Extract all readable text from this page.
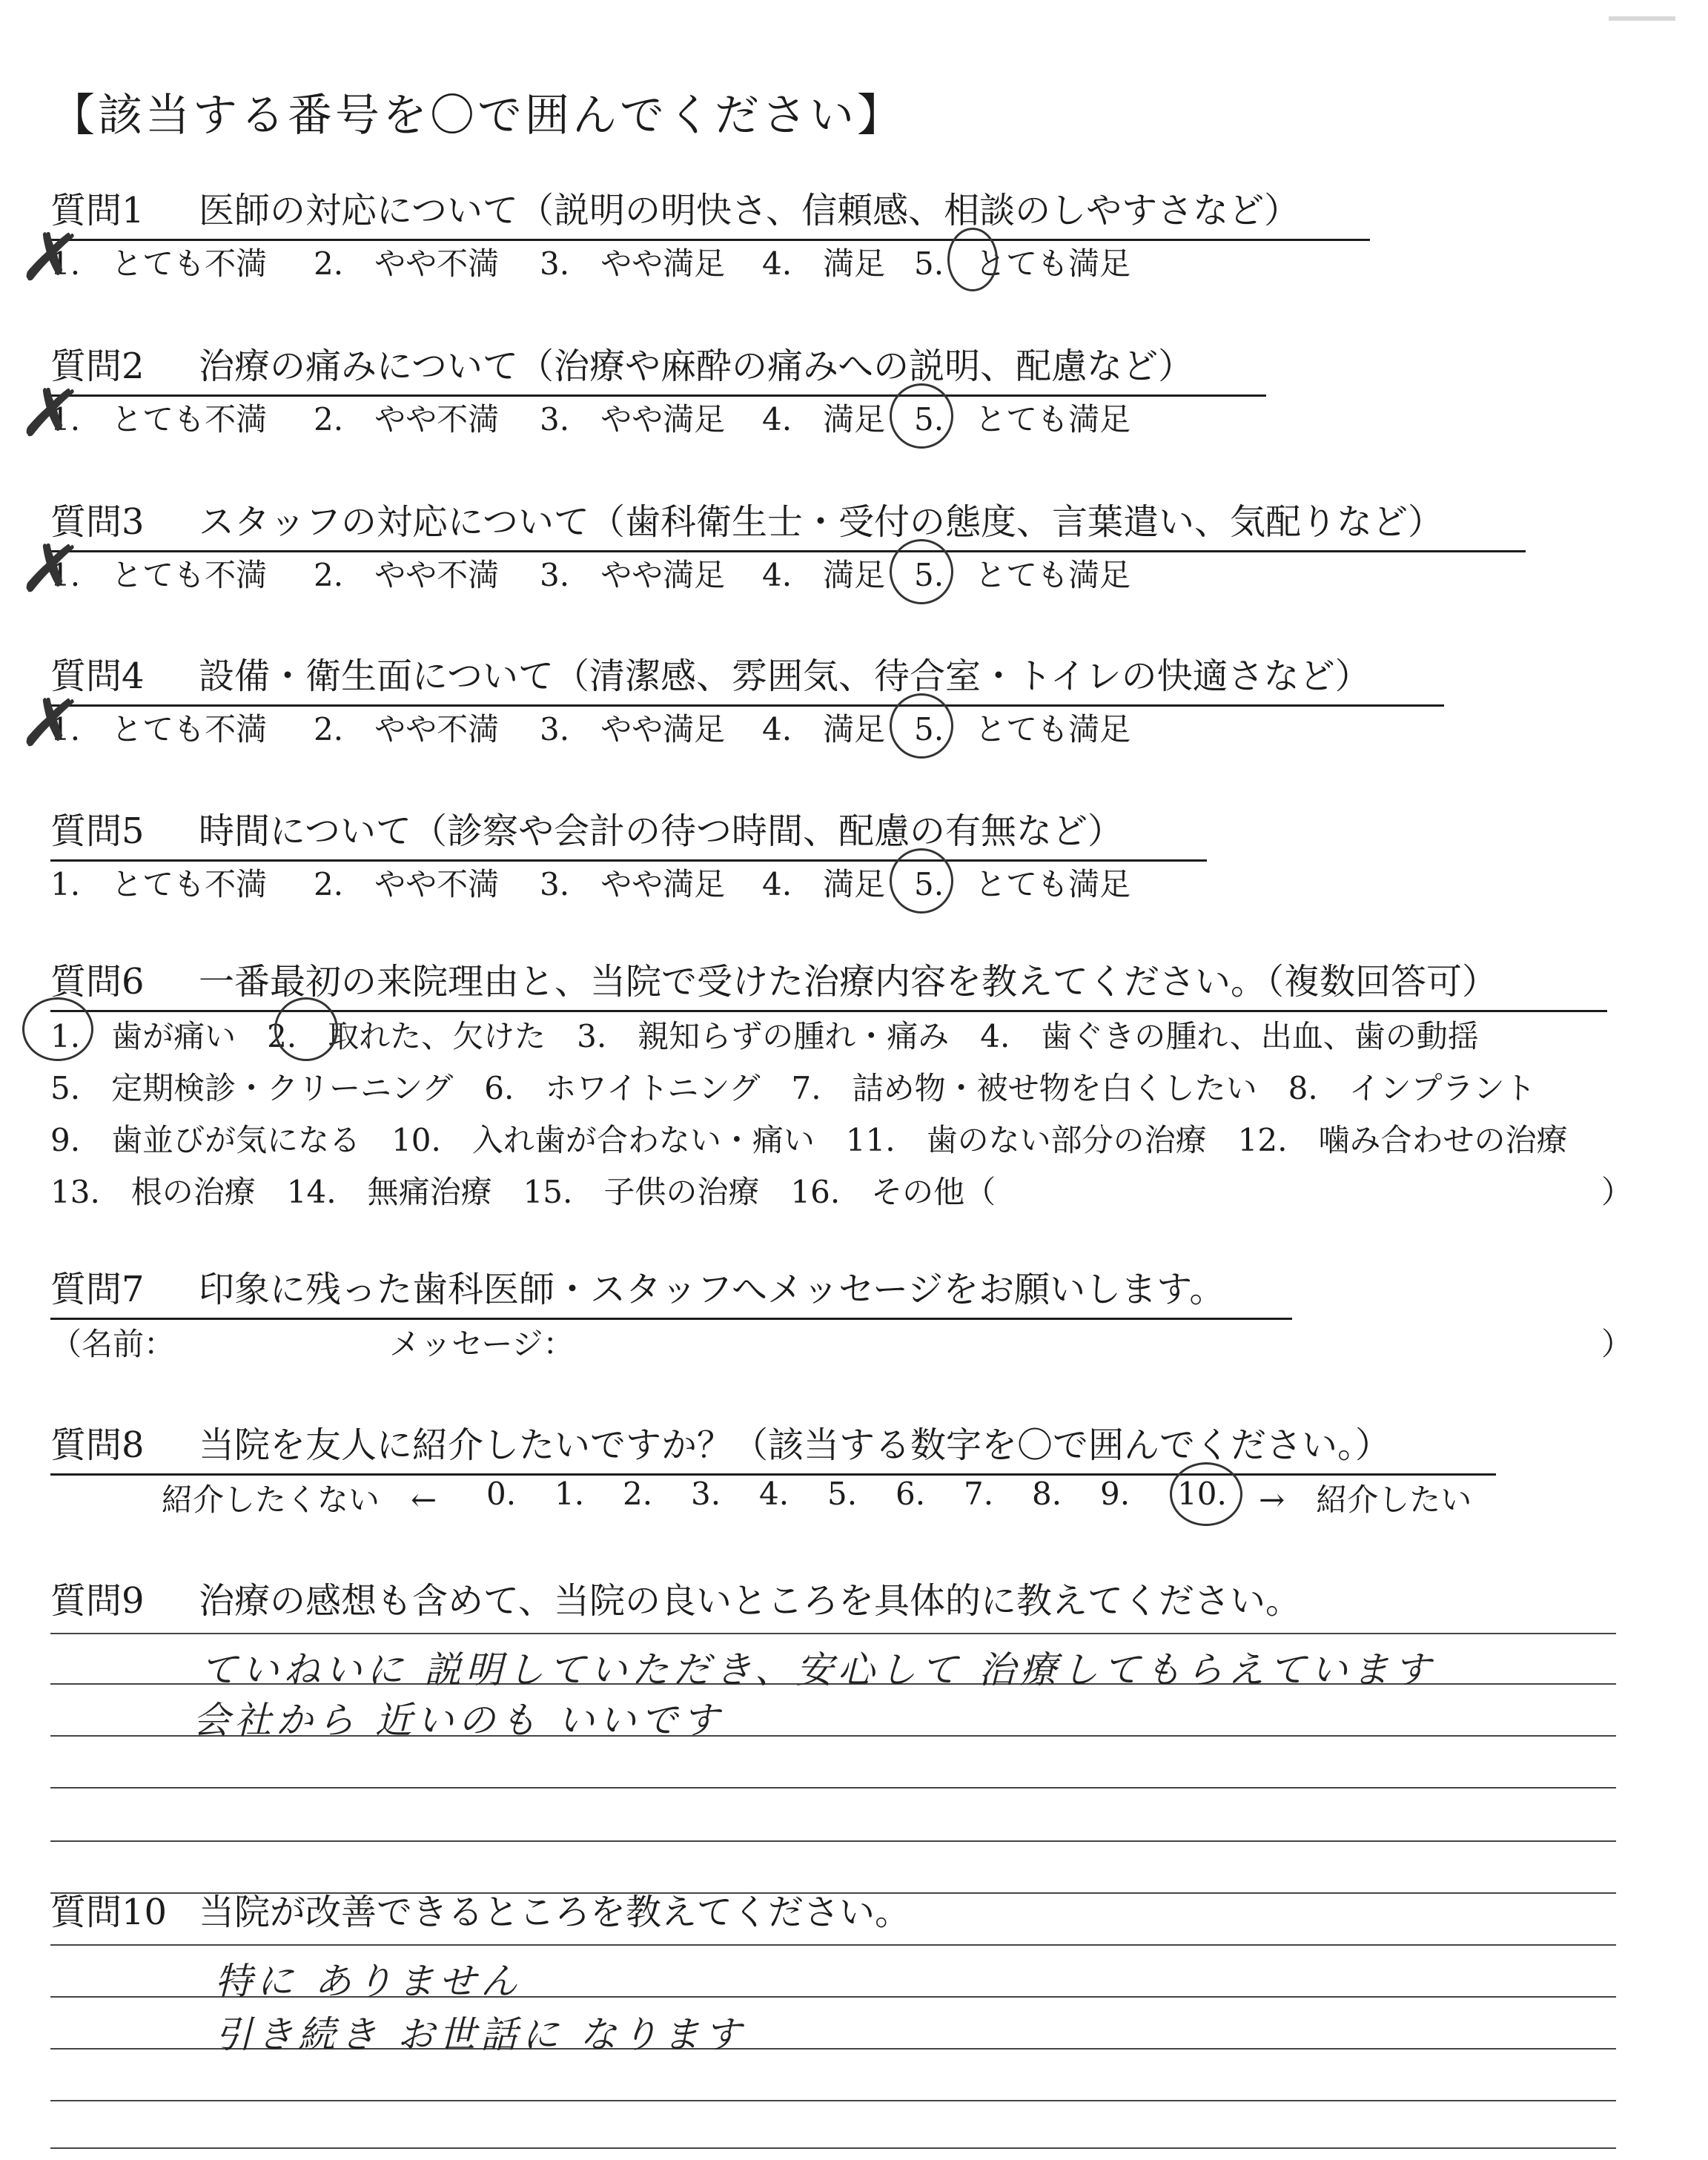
【該当する番号を〇で囲んでください】
質問1 医師の対応について（説明の明快さ、信頼感、相談のしやすさなど）
1.　とても不満 2.　やや不満 3.　やや満足 4.　満足 5.　とても満足
✗
質問2 治療の痛みについて（治療や麻酔の痛みへの説明、配慮など）
1.　とても不満 2.　やや不満 3.　やや満足 4.　満足 5.　とても満足
✗
質問3 スタッフの対応について（歯科衛生士・受付の態度、言葉遣い、気配りなど）
1.　とても不満 2.　やや不満 3.　やや満足 4.　満足 5.　とても満足
✗
質問4 設備・衛生面について（清潔感、雰囲気、待合室・トイレの快適さなど）
1.　とても不満 2.　やや不満 3.　やや満足 4.　満足 5.　とても満足
✗
質問5 時間について（診察や会計の待つ時間、配慮の有無など）
1.　とても不満 2.　やや不満 3.　やや満足 4.　満足 5.　とても満足
質問6 一番最初の来院理由と、当院で受けた治療内容を教えてください。（複数回答可）
1.　歯が痛い　2.　取れた、欠けた　3.　親知らずの腫れ・痛み　4.　歯ぐきの腫れ、出血、歯の動揺
5.　定期検診・クリーニング　6.　ホワイトニング　7.　詰め物・被せ物を白くしたい　8.　インプラント
9.　歯並びが気になる　10.　入れ歯が合わない・痛い　11.　歯のない部分の治療　12.　噛み合わせの治療
13.　根の治療　14.　無痛治療　15.　子供の治療　16.　その他（	）
質問7 印象に残った歯科医師・スタッフへメッセージをお願いします。
（名前：	メッセージ：	）
質問8 当院を友人に紹介したいですか？（該当する数字を〇で囲んでください。）
紹介したくない　← 0. 1. 2. 3. 4. 5. 6. 7. 8. 9. 10. →　紹介したい
質問9 治療の感想も含めて、当院の良いところを具体的に教えてください。
ていねいに 説明していただき、安心して 治療してもらえています
会社から 近いのも いいです
質問10 当院が改善できるところを教えてください。
特に ありません
引き続き お世話に なります
